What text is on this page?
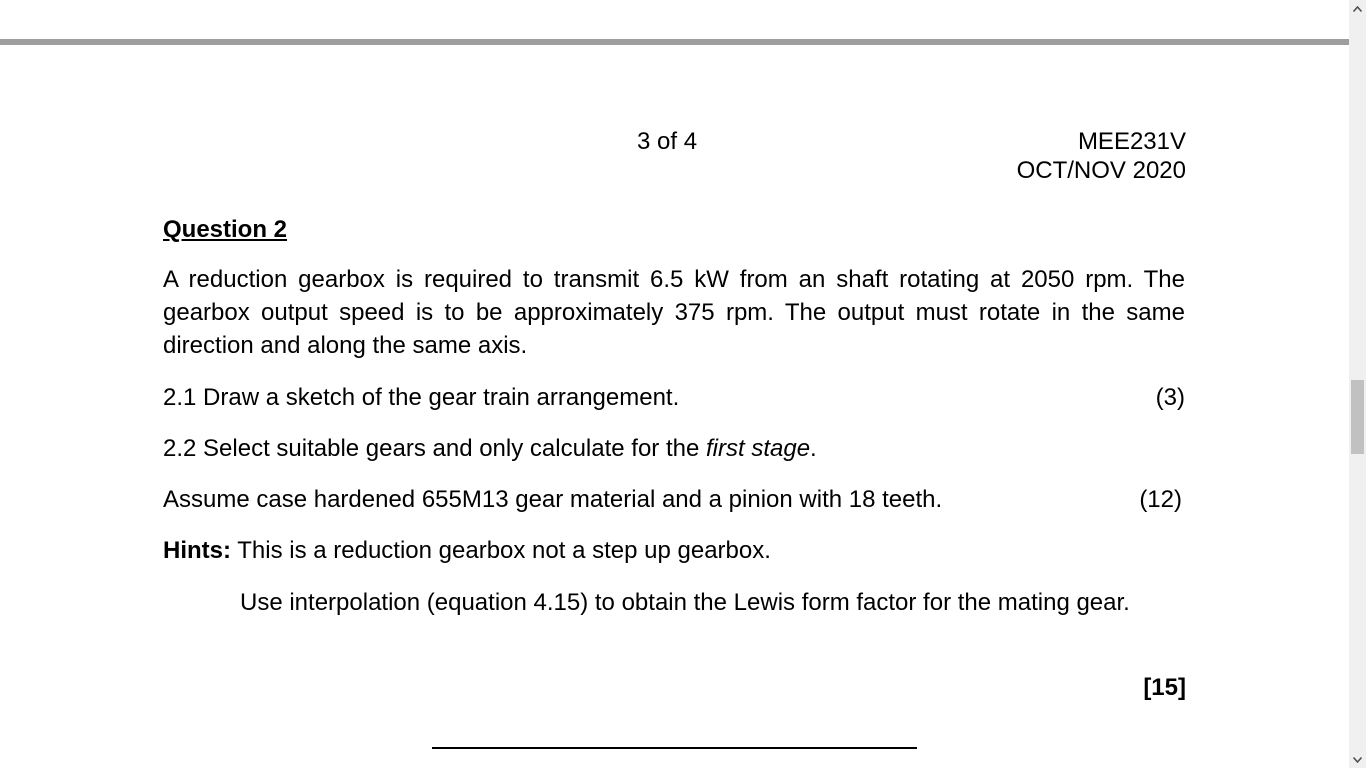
3 of 4	MEE231V
OCT/NOV 2020
Question 2
A reduction gearbox is required to transmit 6.5 kW from an shaft rotating at 2050 rpm. The gearbox output speed is to be approximately 375 rpm. The output must rotate in the same direction and along the same axis.
2.1 Draw a sketch of the gear train arrangement.	(3)
2.2 Select suitable gears and only calculate for the first stage.
Assume case hardened 655M13 gear material and a pinion with 18 teeth.	(12)
Hints: This is a reduction gearbox not a step up gearbox.
Use interpolation (equation 4.15) to obtain the Lewis form factor for the mating gear.
[15]
